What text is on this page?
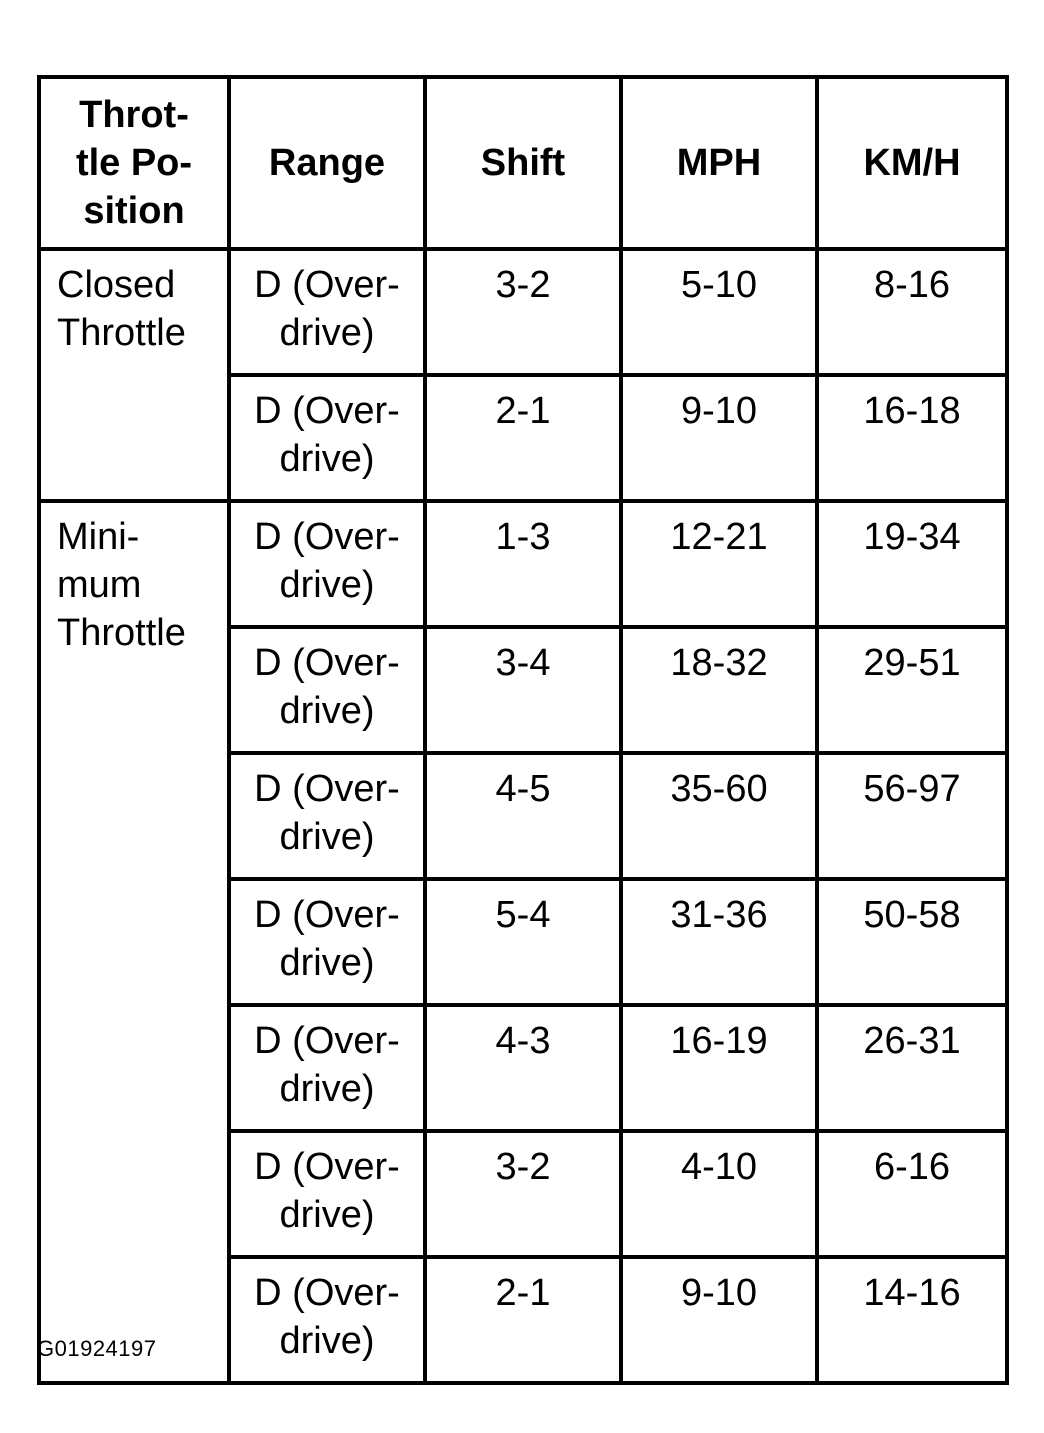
Throt-
tle Po-
sition	Range	Shift	MPH	KM/H

Closed
Throttle	D (Over-
drive)	3-2	5-10	8-16

	D (Over-
drive)	2-1	9-10	16-18

Mini-
mum
Throttle	D (Over-
drive)	1-3	12-21	19-34

	D (Over-
drive)	3-4	18-32	29-51

	D (Over-
drive)	4-5	35-60	56-97

	D (Over-
drive)	5-4	31-36	50-58

	D (Over-
drive)	4-3	16-19	26-31

	D (Over-
drive)	3-2	4-10	6-16

	D (Over-
drive)	2-1	9-10	14-16
G01924197
